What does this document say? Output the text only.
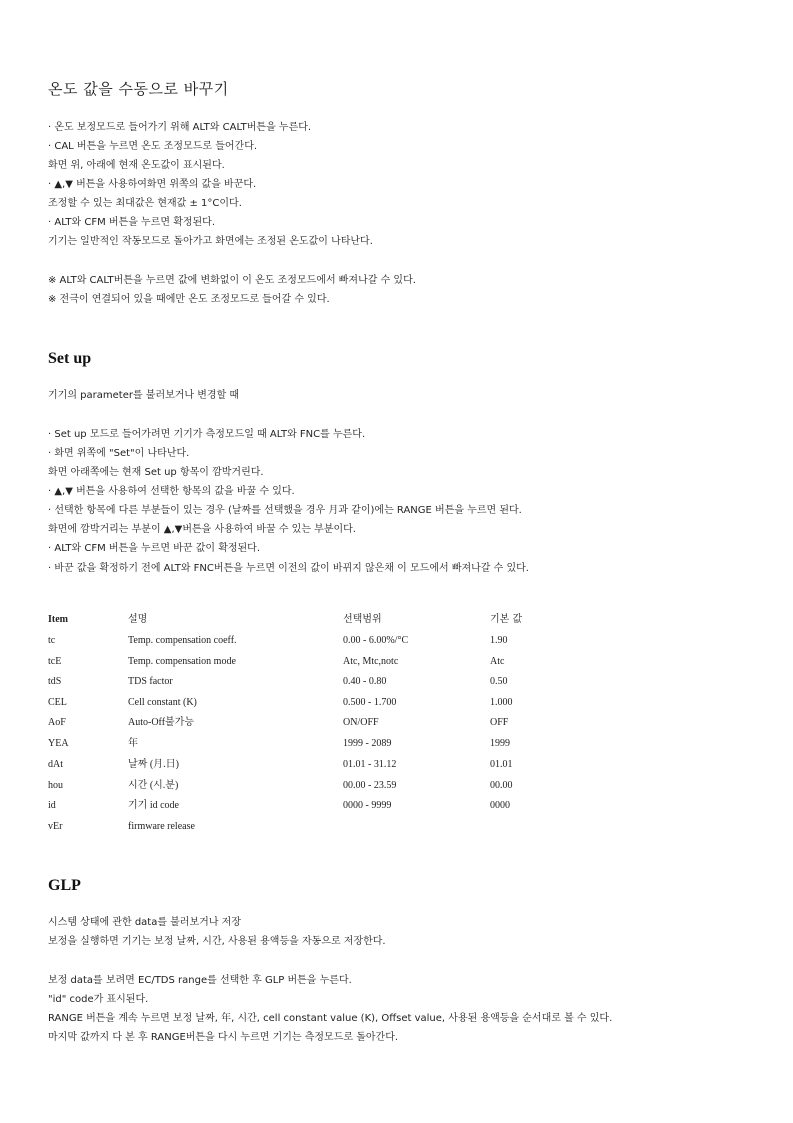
온도 값을 수동으로 바꾸기
· 온도 보정모드로 들어가기 위해 ALT와 CALT버튼을 누른다.
· CAL 버튼을 누르면 온도 조정모드로 들어간다.
화면 위, 아래에 현재 온도값이 표시된다.
· ▲,▼ 버튼을 사용하여화면 위쪽의 값을 바꾼다.
조정할 수 있는 최대값은 현재값 ± 1°C이다.
· ALT와 CFM 버튼을 누르면 확정된다.
기기는 일반적인 작동모드로 돌아가고 화면에는 조정된 온도값이 나타난다.
※ ALT와 CALT버튼을 누르면 값에 변화없이 이 온도 조정모드에서 빠져나갈 수 있다.
※ 전극이 연결되어 있을 때에만 온도 조정모드로 들어갈 수 있다.
Set up
기기의 parameter를 불러보거나 변경할 때
· Set up 모드로 들어가려면 기기가 측정모드일 때 ALT와 FNC를 누른다.
· 화면 위쪽에 "Set"이 나타난다.
화면 아래쪽에는 현재 Set up 항목이 깜박거린다.
· ▲,▼ 버튼을 사용하여 선택한 항목의 값을 바꿀 수 있다.
· 선택한 항목에 다른 부분들이 있는 경우 (날짜를 선택했을 경우 月과 같이)에는 RANGE 버튼을 누르면 된다.
화면에 깜박거리는 부분이 ▲,▼버튼을 사용하여 바꿀 수 있는 부분이다.
· ALT와 CFM 버튼을 누르면 바꾼 값이 확정된다.
· 바꾼 값을 확정하기 전에 ALT와 FNC버튼을 누르면 이전의 값이 바뀌지 않은채 이 모드에서 빠져나갈 수 있다.
Item	설명	선택범위	기본 값
tc	Temp. compensation coeff.	0.00 - 6.00%/°C	1.90
tcE	Temp. compensation mode	Atc, Mtc,notc	Atc
tdS	TDS factor	0.40 - 0.80	0.50
CEL	Cell constant (K)	0.500 - 1.700	1.000
AoF	Auto-Off불가능	ON/OFF	OFF
YEA	年	1999 - 2089	1999
dAt	날짜 (月.日)	01.01 - 31.12	01.01
hou	시간 (시.분)	00.00 - 23.59	00.00
id	기기 id code	0000 - 9999	0000
vEr	firmware release
GLP
시스템 상태에 관한 data를 불러보거나 저장
보정을 실행하면 기기는 보정 날짜, 시간, 사용된 용액등을 자동으로 저장한다.
보정 data를 보려면 EC/TDS range를 선택한 후 GLP 버튼을 누른다.
"id" code가 표시된다.
RANGE 버튼을 계속 누르면 보정 날짜, 年, 시간, cell constant value (K), Offset value, 사용된 용액등을 순서대로 볼 수 있다.
마지막 값까지 다 본 후 RANGE버튼을 다시 누르면 기기는 측정모드로 돌아간다.
